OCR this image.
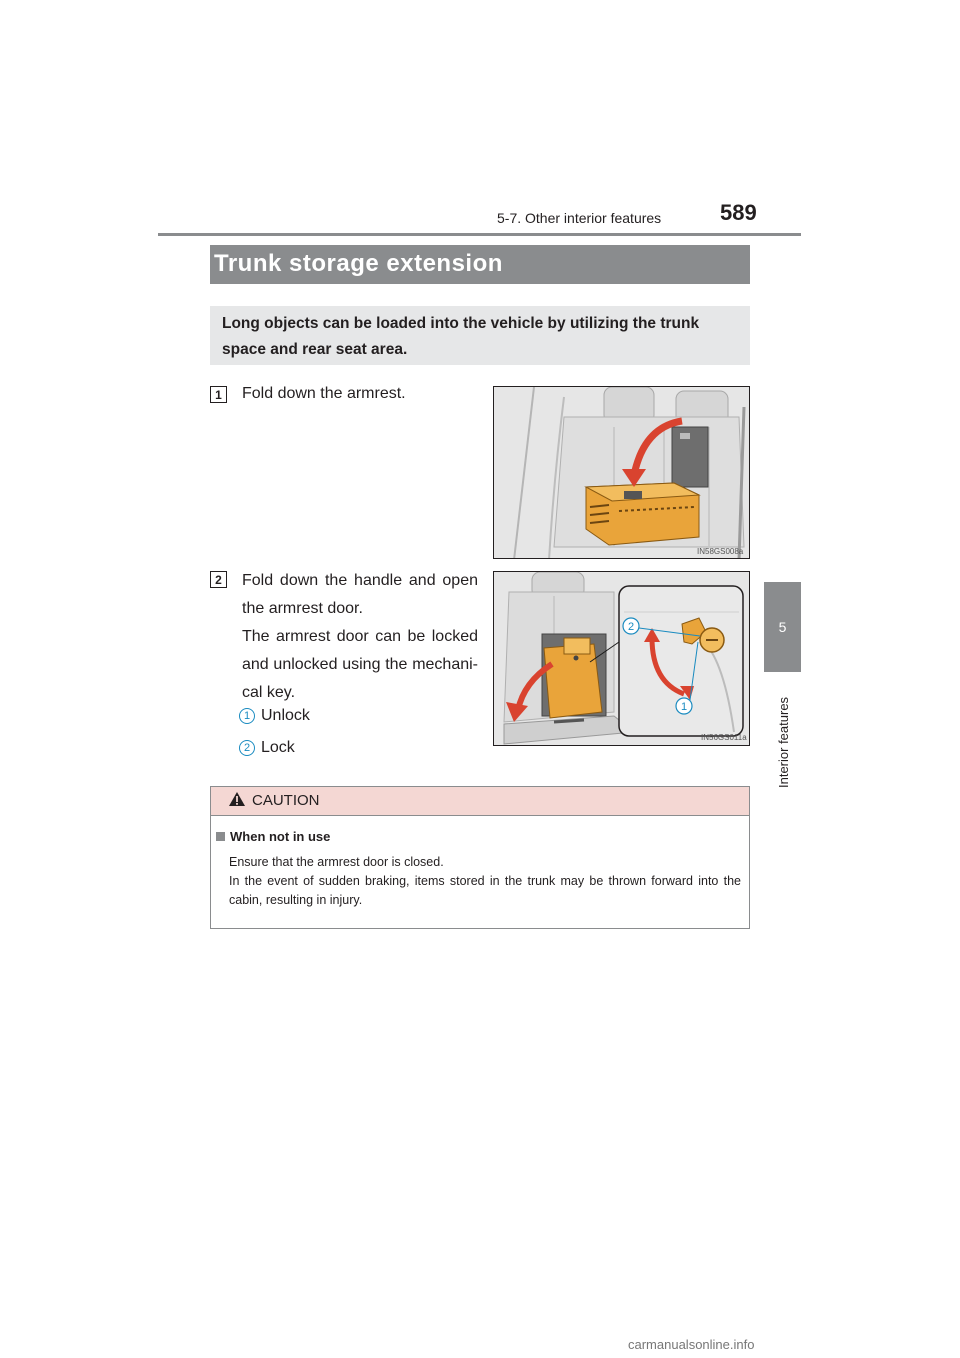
5-7. Other interior features	589
5
Interior features
Trunk storage extension
Long objects can be loaded into the vehicle by utilizing the trunk space and rear seat area.
1	Fold down the armrest.
IN58GS008a
2	Fold down the handle and open
the armrest door.
The armrest door can be locked
and unlocked using the mechani-
cal key.
1 Unlock
2 Lock
2
1
IN56GS011a
CAUTION
When not in use
Ensure that the armrest door is closed.
In the event of sudden braking, items stored in the trunk may be thrown forward into the cabin, resulting in injury.
carmanualsonline.info
